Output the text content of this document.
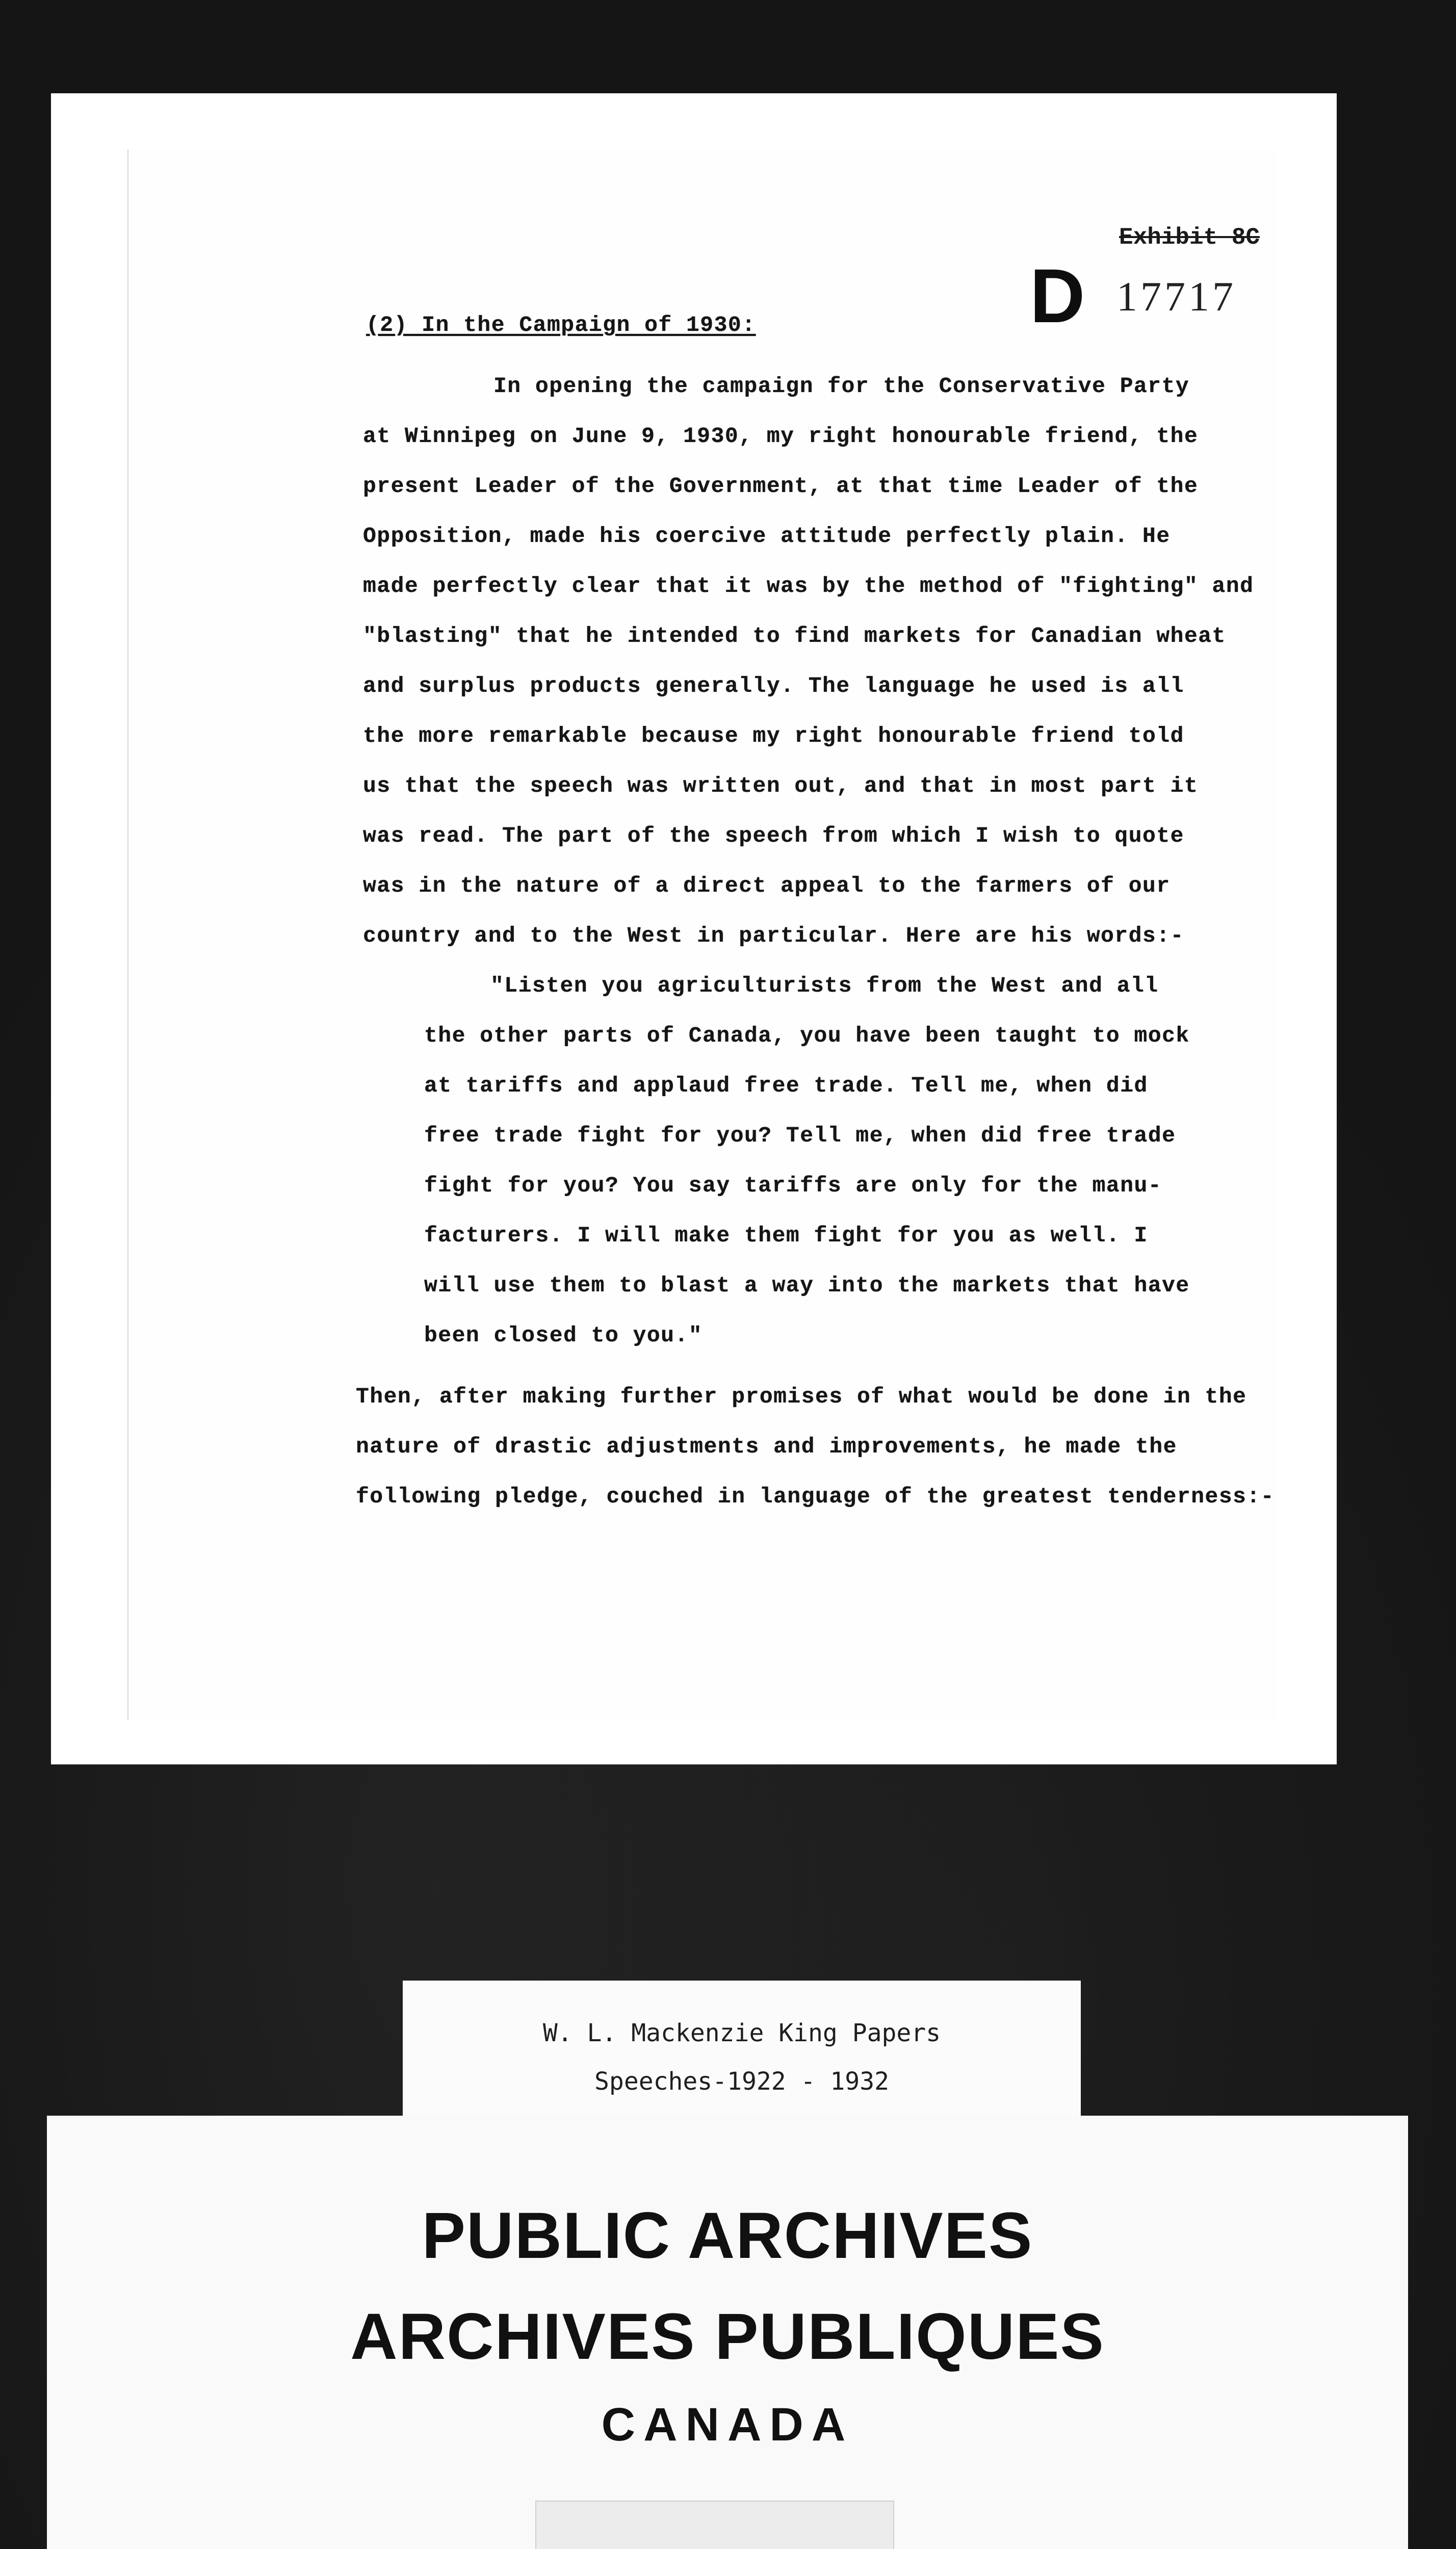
Exhibit 8C
D 17717
(2) In the Campaign of 1930:
In opening the campaign for the Conservative Party
at Winnipeg on June 9, 1930, my right honourable friend, the
present Leader of the Government, at that time Leader of the
Opposition, made his coercive attitude perfectly plain. He
made perfectly clear that it was by the method of "fighting" and
"blasting" that he intended to find markets for Canadian wheat
and surplus products generally. The language he used is all
the more remarkable because my right honourable friend told
us that the speech was written out, and that in most part it
was read. The part of the speech from which I wish to quote
was in the nature of a direct appeal to the farmers of our
country and to the West in particular. Here are his words:-
"Listen you agriculturists from the West and all
the other parts of Canada, you have been taught to mock
at tariffs and applaud free trade. Tell me, when did
free trade fight for you? Tell me, when did free trade
fight for you? You say tariffs are only for the manu-
facturers. I will make them fight for you as well. I
will use them to blast a way into the markets that have
been closed to you."
Then, after making further promises of what would be done in the
nature of drastic adjustments and improvements, he made the
following pledge, couched in language of the greatest tenderness:-
W. L. Mackenzie King Papers
Speeches-1922 - 1932
PUBLIC ARCHIVES
ARCHIVES PUBLIQUES
CANADA
